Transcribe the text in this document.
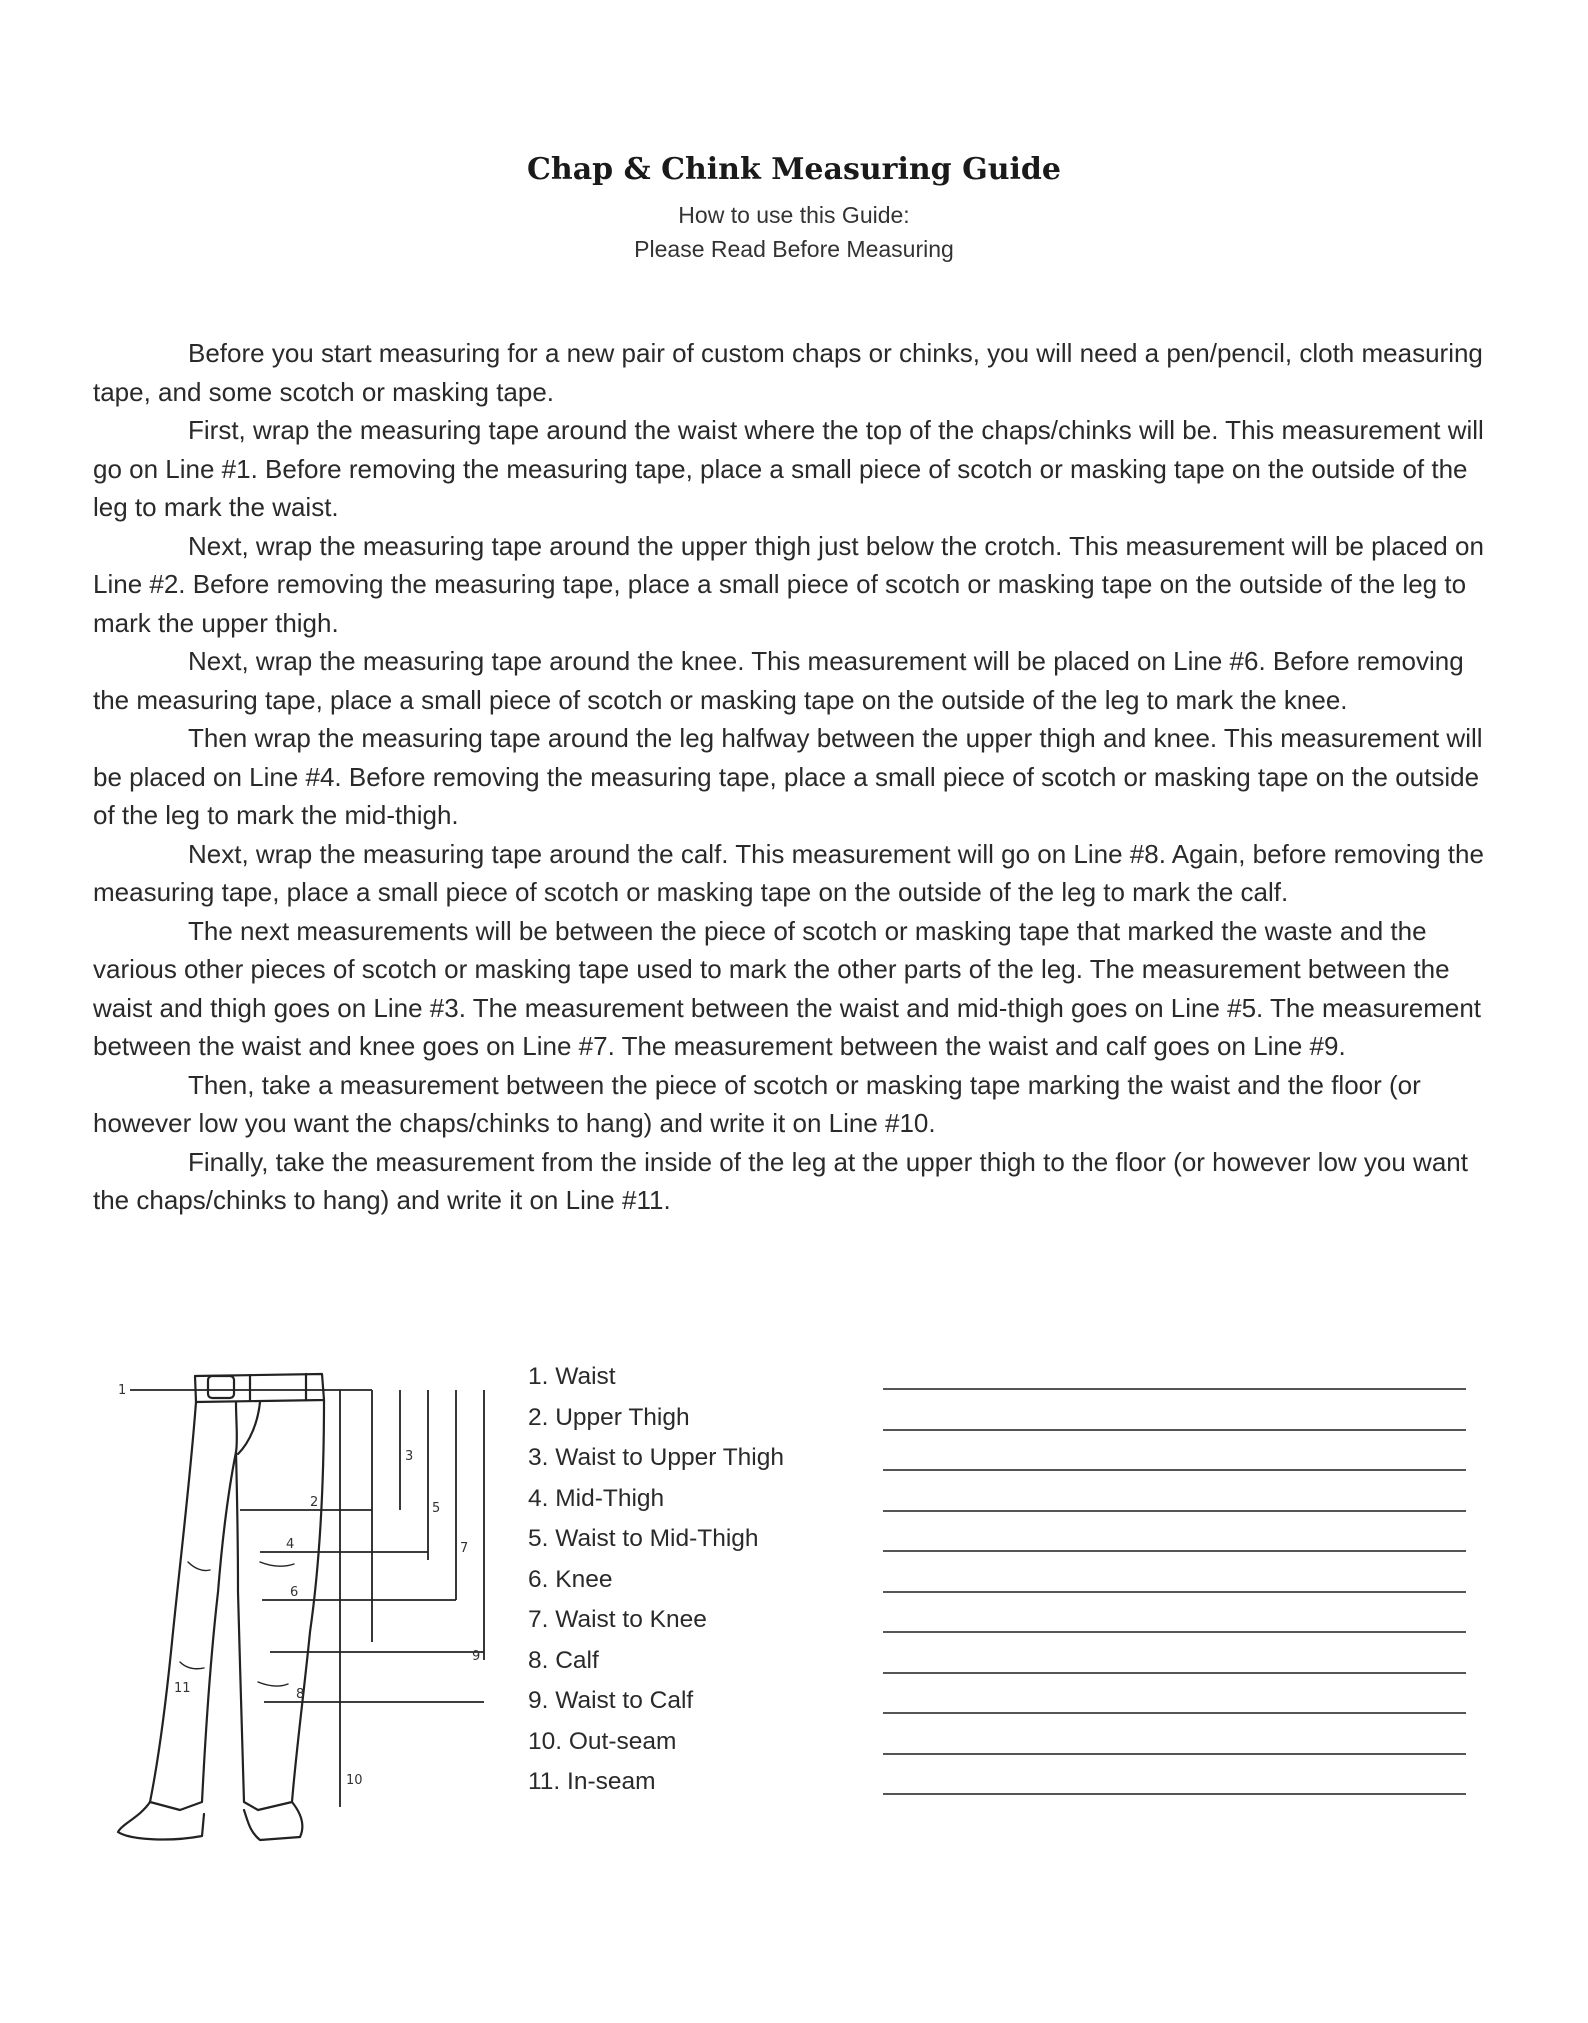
Chap & Chink Measuring Guide
How to use this Guide:
Please Read Before Measuring

Before you start measuring for a new pair of custom chaps or chinks, you will need a pen/pencil, cloth measuring tape, and some scotch or masking tape.

First, wrap the measuring tape around the waist where the top of the chaps/chinks will be. This measurement will go on Line #1. Before removing the measuring tape, place a small piece of scotch or masking tape on the outside of the leg to mark the waist.

Next, wrap the measuring tape around the upper thigh just below the crotch. This measurement will be placed on Line #2. Before removing the measuring tape, place a small piece of scotch or masking tape on the outside of the leg to mark the upper thigh.

Next, wrap the measuring tape around the knee. This measurement will be placed on Line #6. Before removing the measuring tape, place a small piece of scotch or masking tape on the outside of the leg to mark the knee.

Then wrap the measuring tape around the leg halfway between the upper thigh and knee. This measurement will be placed on Line #4. Before removing the measuring tape, place a small piece of scotch or masking tape on the outside of the leg to mark the mid-thigh.

Next, wrap the measuring tape around the calf. This measurement will go on Line #8. Again, before removing the measuring tape, place a small piece of scotch or masking tape on the outside of the leg to mark the calf.

The next measurements will be between the piece of scotch or masking tape that marked the waste and the various other pieces of scotch or masking tape used to mark the other parts of the leg. The measurement between the waist and thigh goes on Line #3. The measurement between the waist and mid-thigh goes on Line #5. The measurement between the waist and knee goes on Line #7. The measurement between the waist and calf goes on Line #9.

Then, take a measurement between the piece of scotch or masking tape marking the waist and the floor (or however low you want the chaps/chinks to hang) and write it on Line #10.

Finally, take the measurement from the inside of the leg at the upper thigh to the floor (or however low you want the chaps/chinks to hang) and write it on Line #11.

1
2
3
4
5
6
7
8
9
10
11
1. Waist
2. Upper Thigh
3. Waist to Upper Thigh
4. Mid-Thigh
5. Waist to Mid-Thigh
6. Knee
7. Waist to Knee
8. Calf
9. Waist to Calf
10. Out-seam
11. In-seam
